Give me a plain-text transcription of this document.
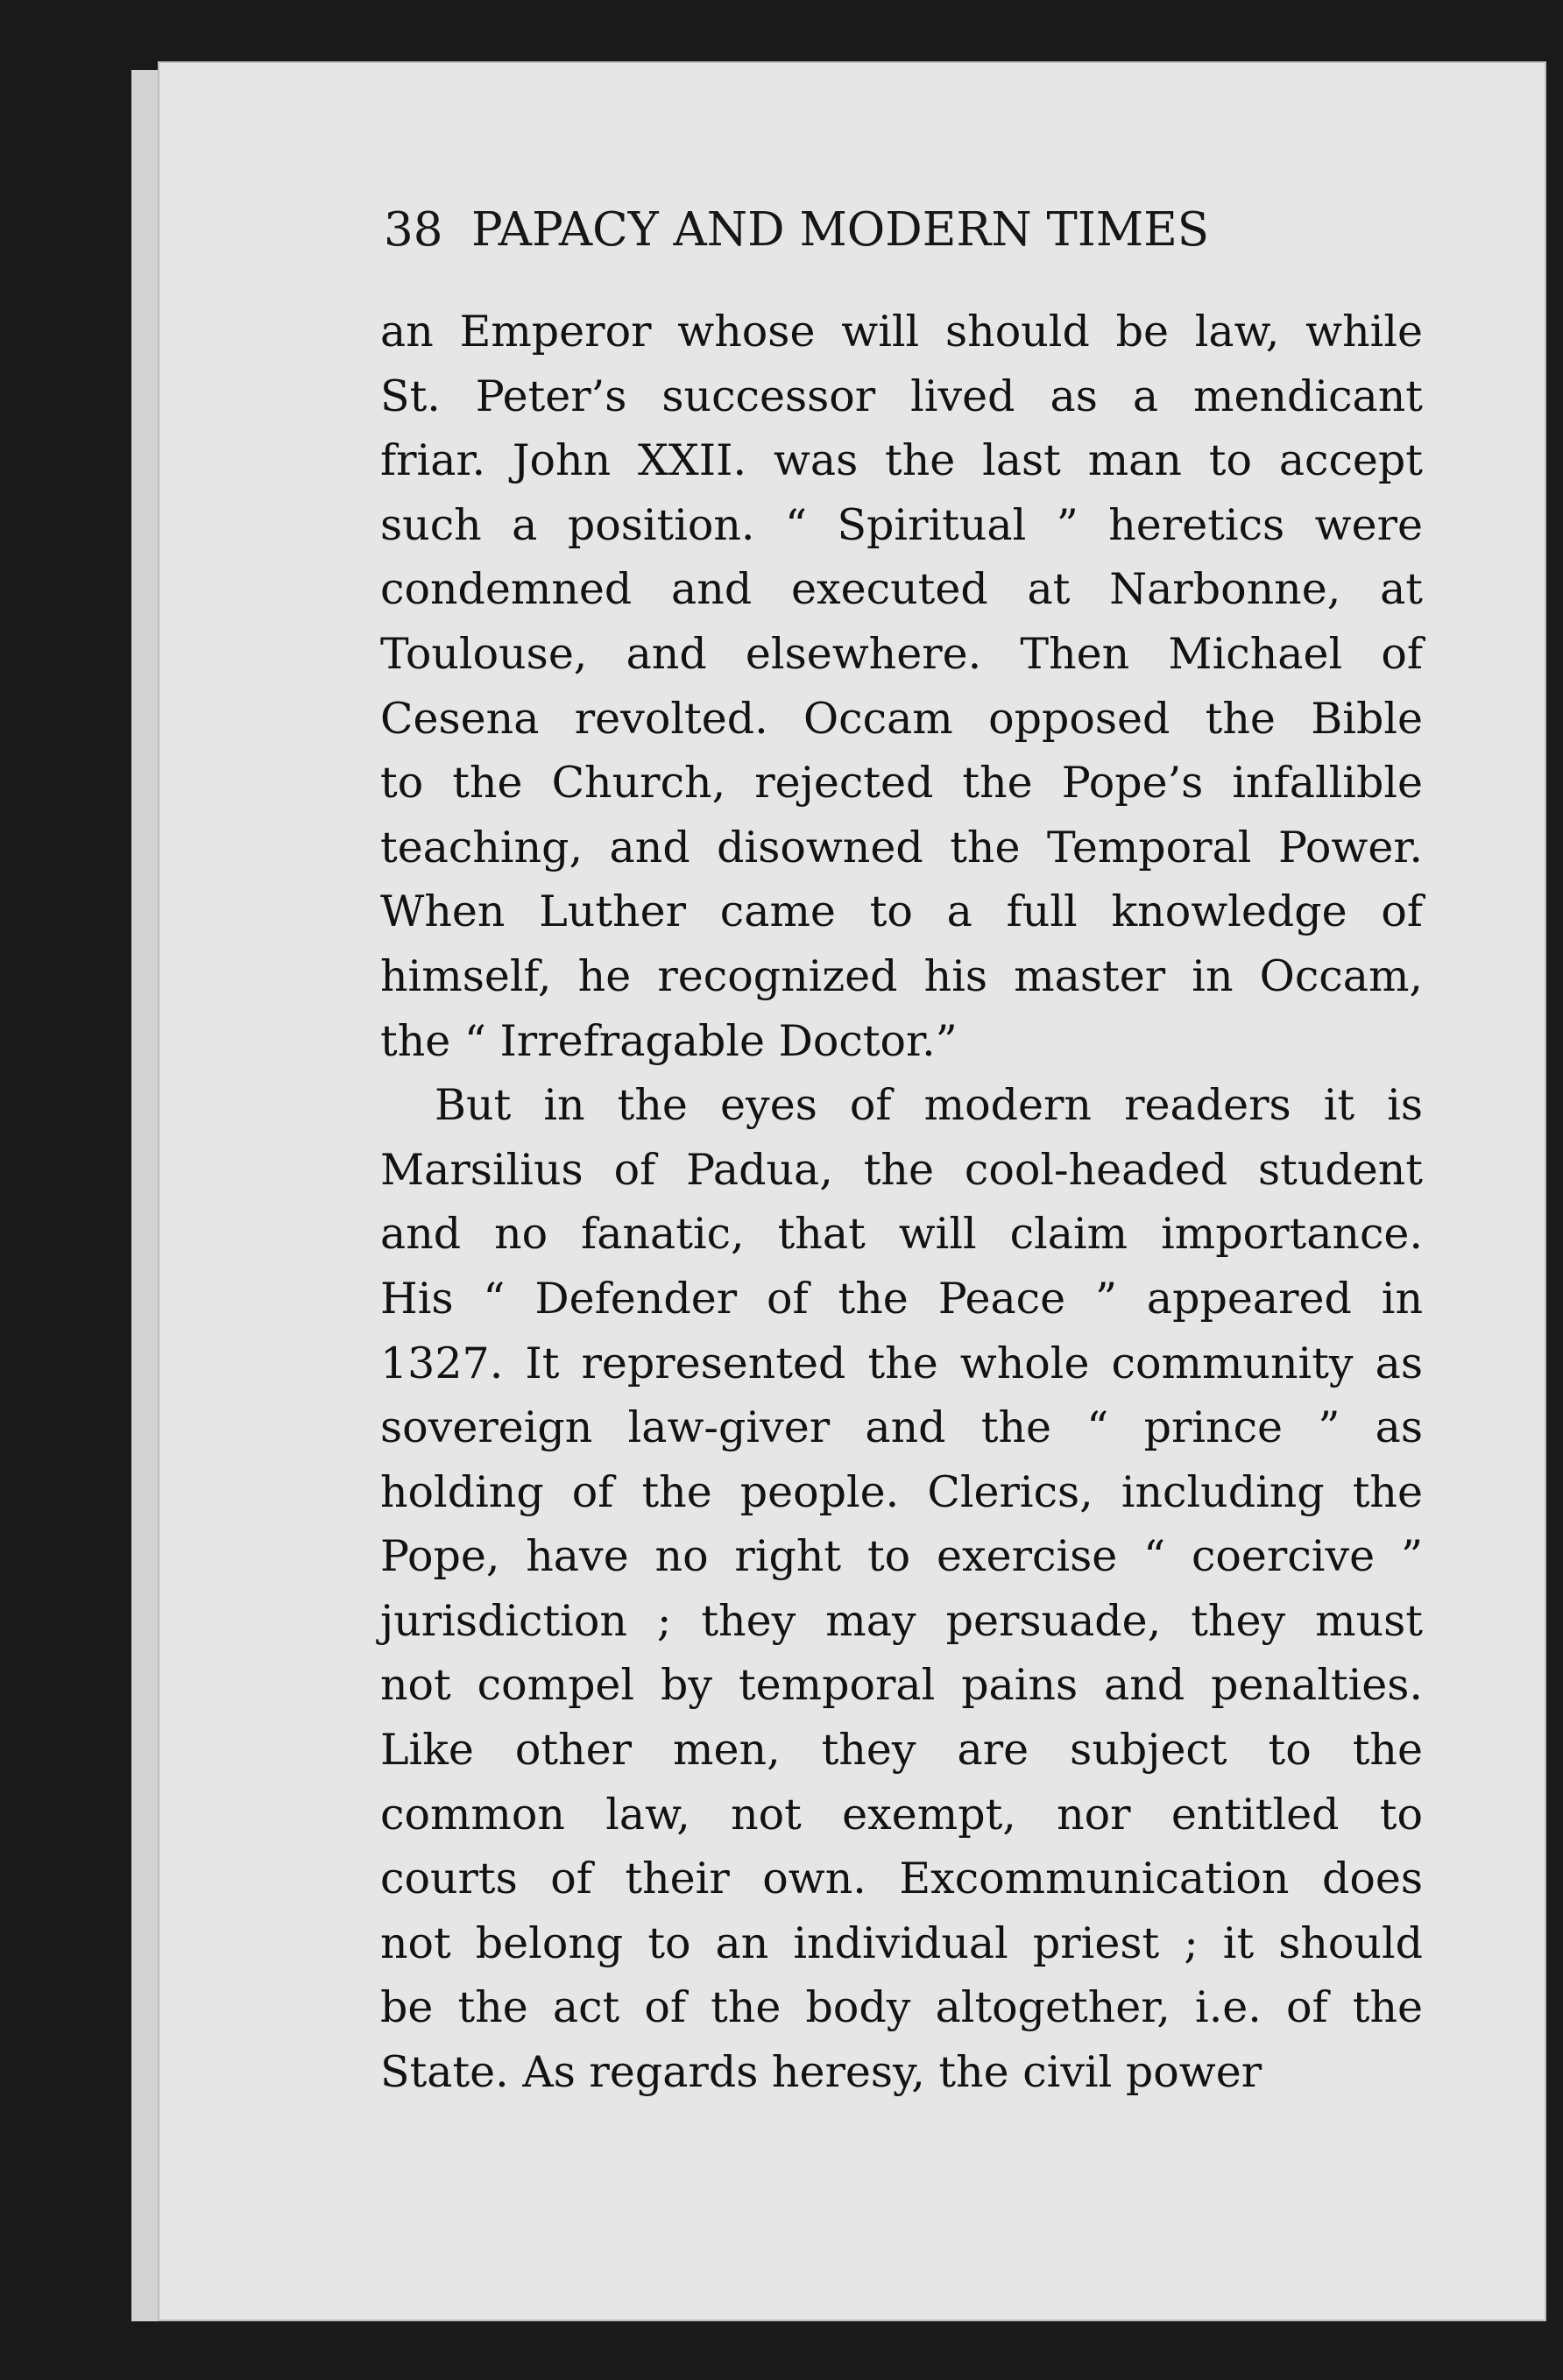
38 PAPACY AND MODERN TIMES
an Emperor whose will should be law, while
St. Peter’s successor lived as a mendicant
friar. John XXII. was the last man to accept
such a position. “ Spiritual ” heretics were
condemned and executed at Narbonne, at
Toulouse, and elsewhere. Then Michael of
Cesena revolted. Occam opposed the Bible
to the Church, rejected the Pope’s infallible
teaching, and disowned the Temporal Power.
When Luther came to a full knowledge of
himself, he recognized his master in Occam,
the “ Irrefragable Doctor.”
But in the eyes of modern readers it is
Marsilius of Padua, the cool-headed student
and no fanatic, that will claim importance.
His “ Defender of the Peace ” appeared in
1327. It represented the whole community as
sovereign law-giver and the “ prince ” as
holding of the people. Clerics, including the
Pope, have no right to exercise “ coercive ”
jurisdiction ; they may persuade, they must
not compel by temporal pains and penalties.
Like other men, they are subject to the
common law, not exempt, nor entitled to
courts of their own. Excommunication does
not belong to an individual priest ; it should
be the act of the body altogether, i.e. of the
State. As regards heresy, the civil power
